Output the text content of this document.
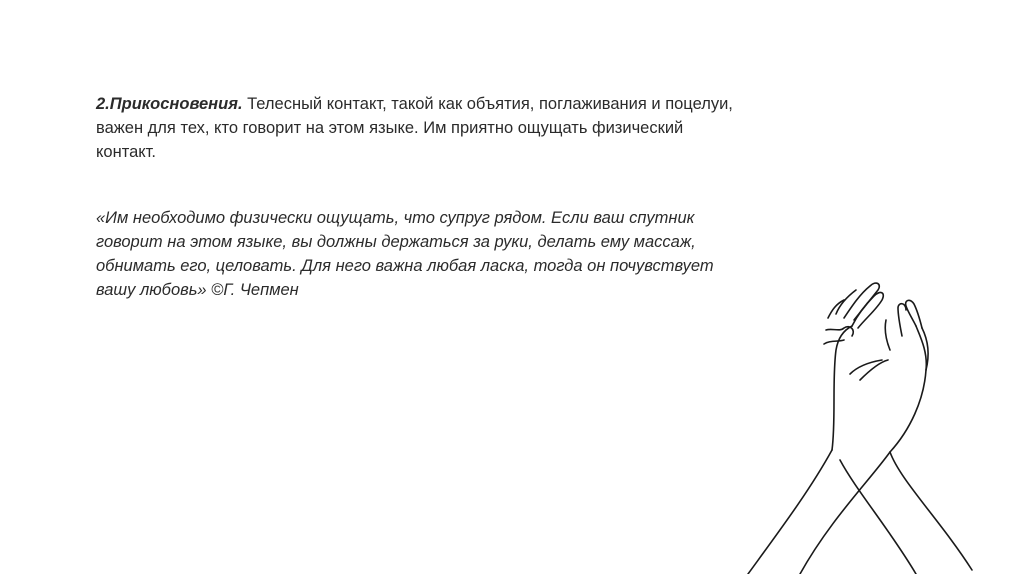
2.Прикосновения. Телесный контакт, такой как объятия, поглаживания и поцелуи, важен для тех, кто говорит на этом языке. Им приятно ощущать физический контакт.

«Им необходимо физически ощущать, что супруг рядом. Если ваш спутник говорит на этом языке, вы должны держаться за руки, делать ему массаж, обнимать его, целовать. Для него важна любая ласка, тогда он почувствует вашу любовь» ©Г. Чепмен
